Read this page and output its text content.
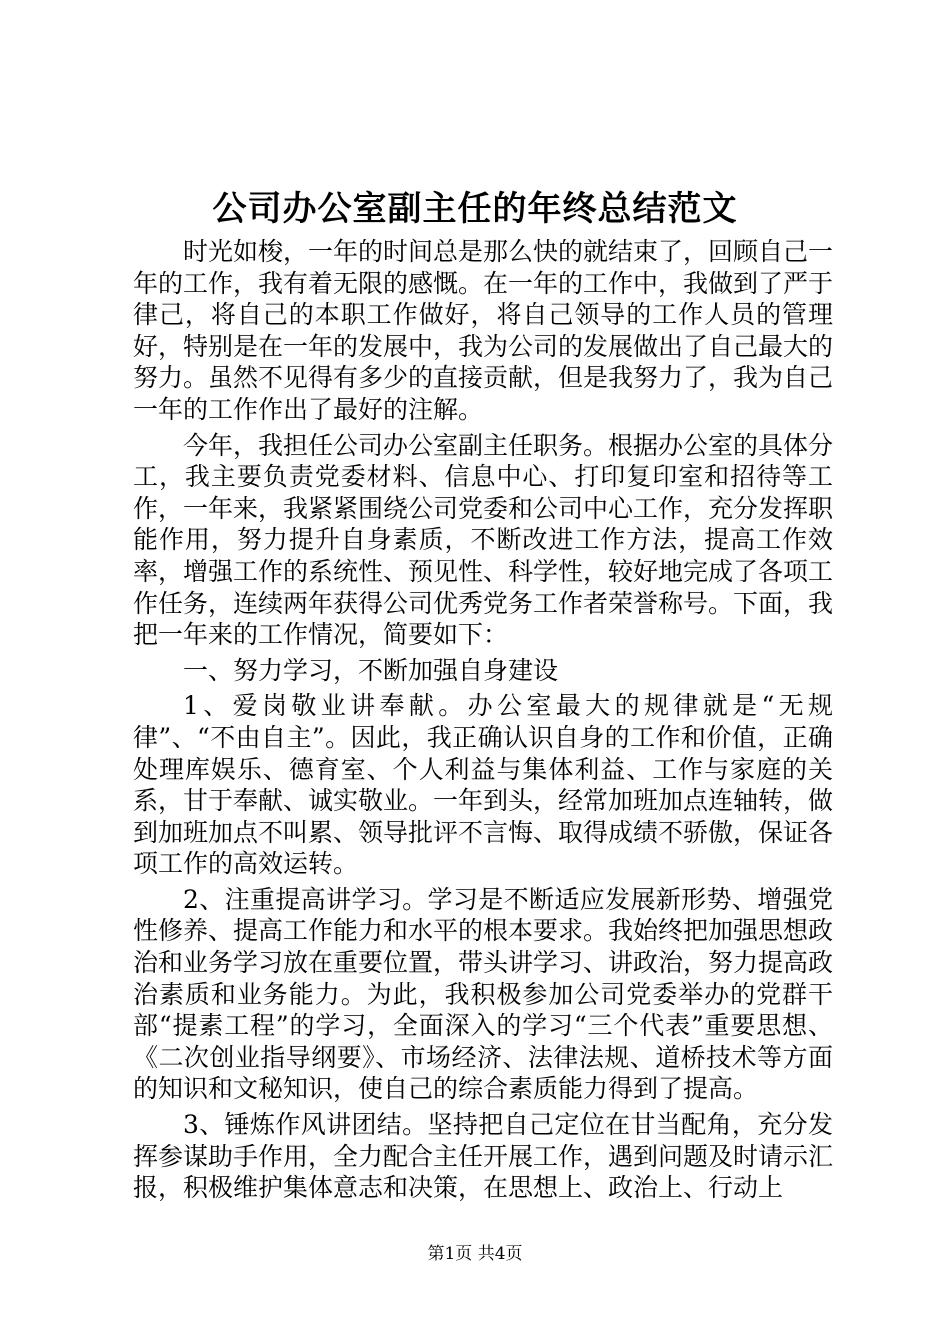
公司办公室副主任的年终总结范文

时光如梭，一年的时间总是那么快的就结束了，回顾自己一年的工作，我有着无限的感慨。在一年的工作中，我做到了严于律己，将自己的本职工作做好，将自己领导的工作人员的管理好，特别是在一年的发展中，我为公司的发展做出了自己最大的努力。虽然不见得有多少的直接贡献，但是我努力了，我为自己一年的工作作出了最好的注解。

今年，我担任公司办公室副主任职务。根据办公室的具体分工，我主要负责党委材料、信息中心、打印复印室和招待等工作，一年来，我紧紧围绕公司党委和公司中心工作，充分发挥职能作用，努力提升自身素质，不断改进工作方法，提高工作效率，增强工作的系统性、预见性、科学性，较好地完成了各项工作任务，连续两年获得公司优秀党务工作者荣誉称号。下面，我把一年来的工作情况，简要如下：

一、努力学习，不断加强自身建设

1、爱岗敬业讲奉献。办公室最大的规律就是“无规律”、“不由自主”。因此，我正确认识自身的工作和价值，正确处理库娱乐、德育室、个人利益与集体利益、工作与家庭的关系，甘于奉献、诚实敬业。一年到头，经常加班加点连轴转，做到加班加点不叫累、领导批评不言悔、取得成绩不骄傲，保证各项工作的高效运转。

2、注重提高讲学习。学习是不断适应发展新形势、增强党性修养、提高工作能力和水平的根本要求。我始终把加强思想政治和业务学习放在重要位置，带头讲学习、讲政治，努力提高政治素质和业务能力。为此，我积极参加公司党委举办的党群干部“提素工程”的学习，全面深入的学习“三个代表”重要思想、《二次创业指导纲要》、市场经济、法律法规、道桥技术等方面的知识和文秘知识，使自己的综合素质能力得到了提高。

3、锤炼作风讲团结。坚持把自己定位在甘当配角，充分发挥参谋助手作用，全力配合主任开展工作，遇到问题及时请示汇报，积极维护集体意志和决策，在思想上、政治上、行动上

第1页 共4页
